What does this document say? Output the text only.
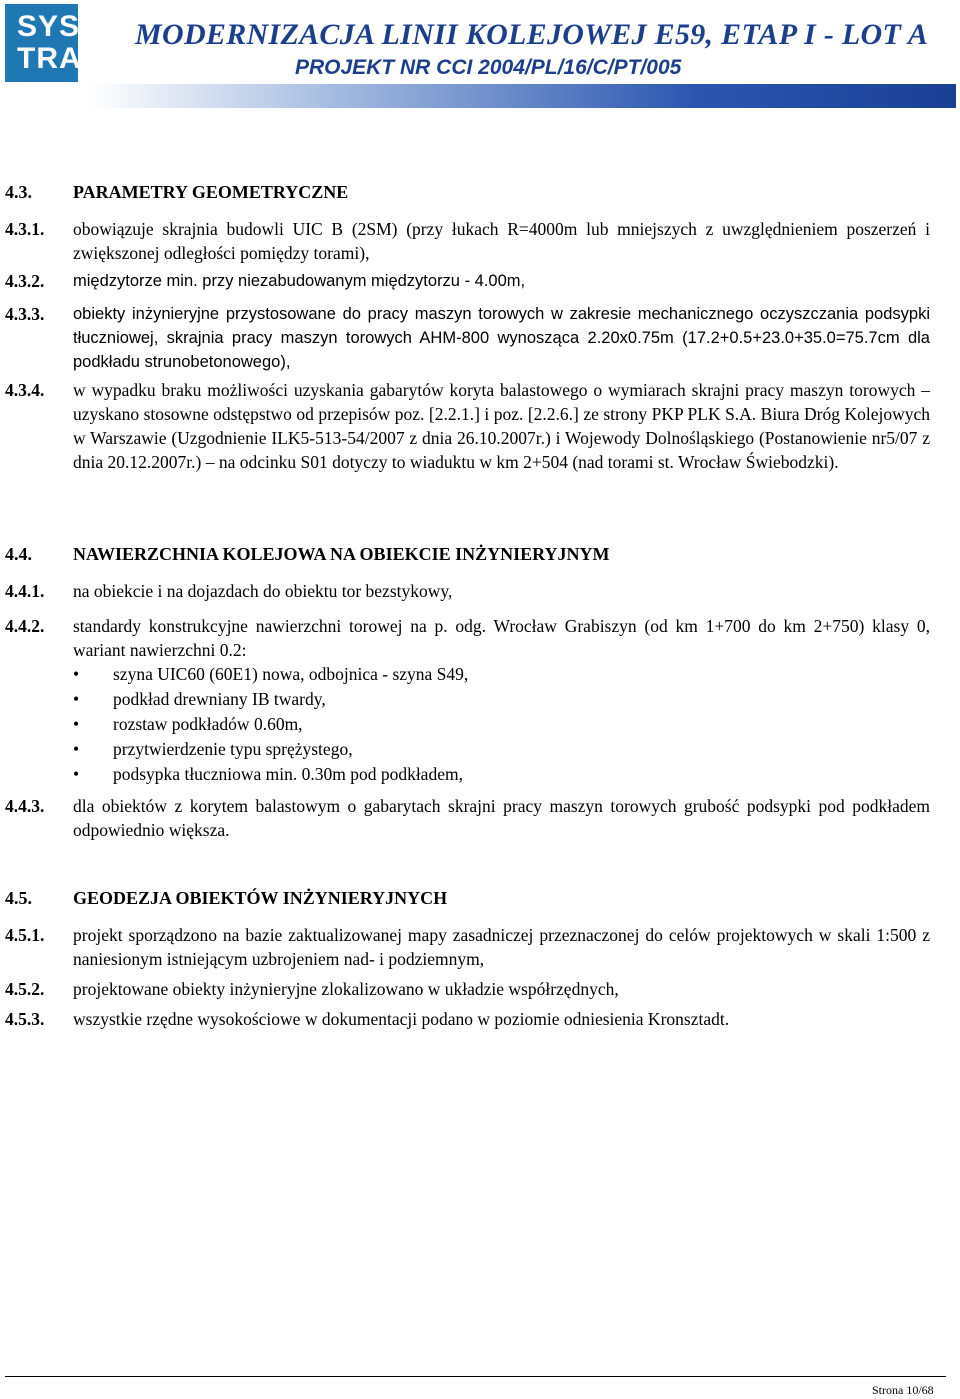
SYS
TRA
MODERNIZACJA LINII KOLEJOWEJ E59, ETAP I - LOT A
PROJEKT NR CCI 2004/PL/16/C/PT/005
4.3. PARAMETRY GEOMETRYCZNE
4.3.1. obowiązuje skrajnia budowli UIC B (2SM) (przy łukach R=4000m lub mniejszych z uwzględnieniem poszerzeń i zwiększonej odległości pomiędzy torami),
4.3.2. międzytorze min. przy niezabudowanym międzytorzu - 4.00m,
4.3.3. obiekty inżynieryjne przystosowane do pracy maszyn torowych w zakresie mechanicznego oczyszczania podsypki tłuczniowej, skrajnia pracy maszyn torowych AHM-800 wynosząca 2.20x0.75m (17.2+0.5+23.0+35.0=75.7cm dla podkładu strunobetonowego),
4.3.4. w wypadku braku możliwości uzyskania gabarytów koryta balastowego o wymiarach skrajni pracy maszyn torowych – uzyskano stosowne odstępstwo od przepisów poz. [2.2.1.] i poz. [2.2.6.] ze strony PKP PLK S.A. Biura Dróg Kolejowych w Warszawie (Uzgodnienie ILK5-513-54/2007 z dnia 26.10.2007r.) i Wojewody Dolnośląskiego (Postanowienie nr5/07 z dnia 20.12.2007r.) – na odcinku S01 dotyczy to wiaduktu w km 2+504 (nad torami st. Wrocław Świebodzki).
4.4. NAWIERZCHNIA KOLEJOWA NA OBIEKCIE INŻYNIERYJNYM
4.4.1. na obiekcie i na dojazdach do obiektu tor bezstykowy,
4.4.2. standardy konstrukcyjne nawierzchni torowej na p. odg. Wrocław Grabiszyn (od km 1+700 do km 2+750) klasy 0, wariant nawierzchni 0.2:
• szyna UIC60 (60E1) nowa, odbojnica - szyna S49,
• podkład drewniany IB twardy,
• rozstaw podkładów 0.60m,
• przytwierdzenie typu sprężystego,
• podsypka tłuczniowa min. 0.30m pod podkładem,
4.4.3. dla obiektów z korytem balastowym o gabarytach skrajni pracy maszyn torowych grubość podsypki pod podkładem odpowiednio większa.
4.5. GEODEZJA OBIEKTÓW INŻYNIERYJNYCH
4.5.1. projekt sporządzono na bazie zaktualizowanej mapy zasadniczej przeznaczonej do celów projektowych w skali 1:500 z naniesionym istniejącym uzbrojeniem nad- i podziemnym,
4.5.2. projektowane obiekty inżynieryjne zlokalizowano w układzie współrzędnych,
4.5.3. wszystkie rzędne wysokościowe w dokumentacji podano w poziomie odniesienia Kronsztadt.
Strona 10/68
